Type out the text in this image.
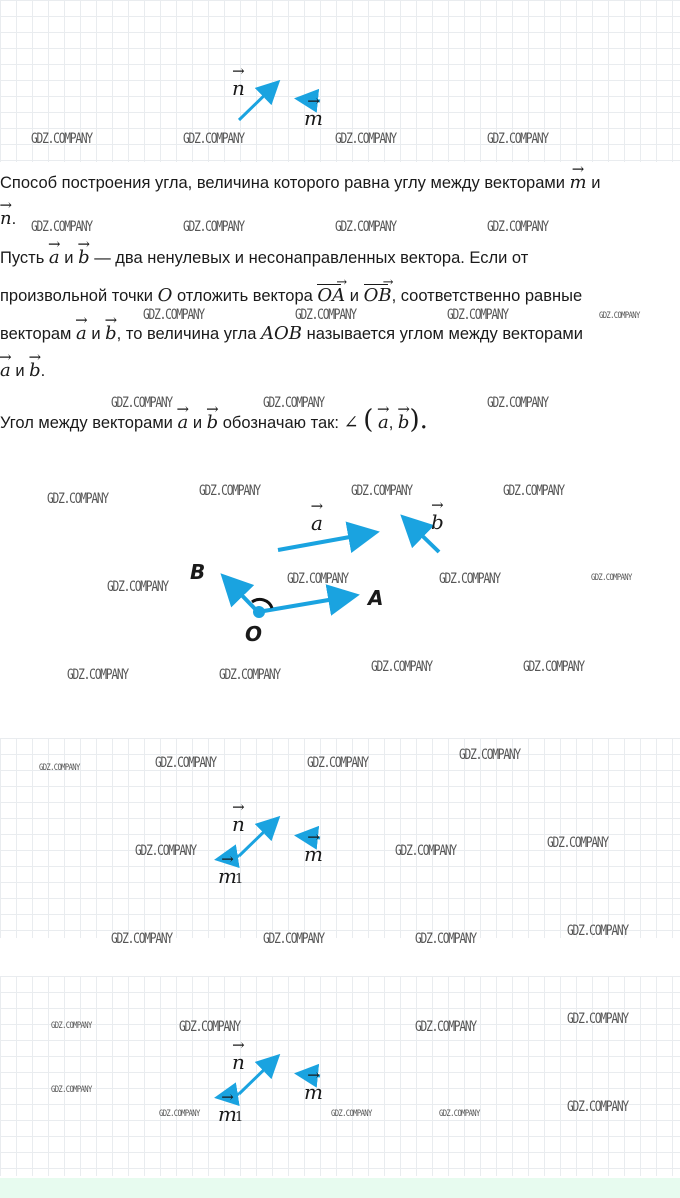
→ n
→ m
GDZ.COMPANY	GDZ.COMPANY	GDZ.COMPANY	GDZ.COMPANY
Способ построения угла, величина которого равна углу между векторами → m и
→ n.	GDZ.COMPANY	GDZ.COMPANY	GDZ.COMPANY	GDZ.COMPANY
Пусть → a и → b — два ненулевых и несонаправленных вектора. Если от
произвольной точки O отложить вектора OA → и OB →, соответственно равные
GDZ.COMPANY	GDZ.COMPANY	GDZ.COMPANY	GDZ.COMPANY
векторам → a и → b, то величина угла AOB называется углом между векторами
→ a и → b.
GDZ.COMPANY	GDZ.COMPANY	GDZ.COMPANY
Угол между векторами → a и → b обозначаю так: ∠ ( → a, → b).
→ a	→ b
B
A
O
GDZ.COMPANY	GDZ.COMPANY	GDZ.COMPANY	GDZ.COMPANY
GDZ.COMPANY	GDZ.COMPANY	GDZ.COMPANY	GDZ.COMPANY
GDZ.COMPANY	GDZ.COMPANY	GDZ.COMPANY	GDZ.COMPANY
→ n
→ m
→ m
1
GDZ.COMPANY	GDZ.COMPANY	GDZ.COMPANY	GDZ.COMPANY
GDZ.COMPANY	GDZ.COMPANY	GDZ.COMPANY
GDZ.COMPANY	GDZ.COMPANY	GDZ.COMPANY	GDZ.COMPANY
→ n
→ m
→ m
1
GDZ.COMPANY	GDZ.COMPANY	GDZ.COMPANY	GDZ.COMPANY
GDZ.COMPANY
GDZ.COMPANY	GDZ.COMPANY	GDZ.COMPANY	GDZ.COMPANY
